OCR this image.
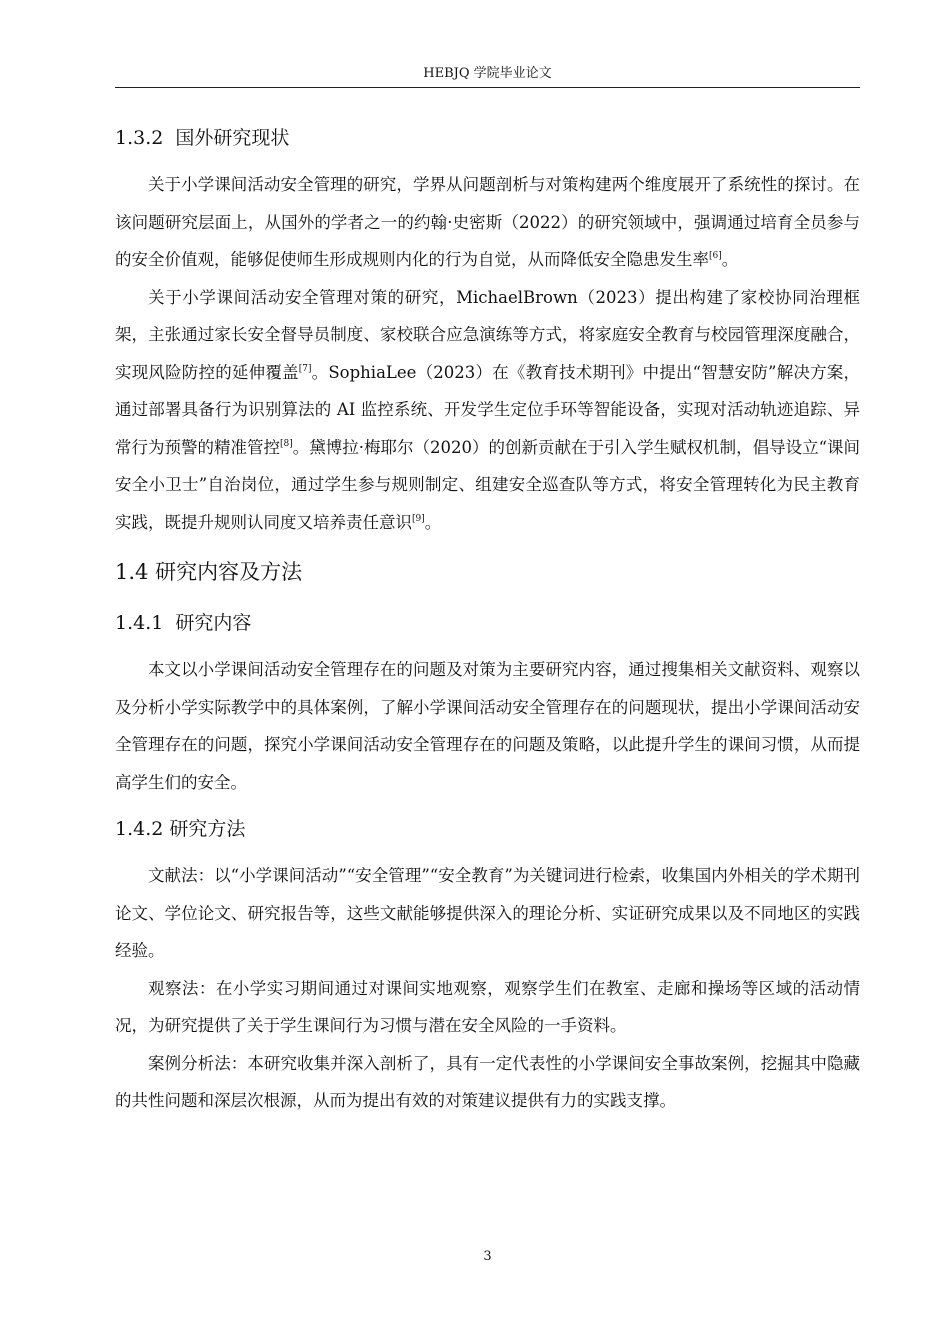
HEBJQ 学院毕业论文
1.3.2 国外研究现状

关于小学课间活动安全管理的研究，学界从问题剖析与对策构建两个维度展开了系统性的探讨。在该问题研究层面上，从国外的学者之一的约翰·史密斯（2022）的研究领域中，强调通过培育全员参与的安全价值观，能够促使师生形成规则内化的行为自觉，从而降低安全隐患发生率[6]。

关于小学课间活动安全管理对策的研究，MichaelBrown（2023）提出构建了家校协同治理框架，主张通过家长安全督导员制度、家校联合应急演练等方式，将家庭安全教育与校园管理深度融合，实现风险防控的延伸覆盖[7]。SophiaLee（2023）在《教育技术期刊》中提出“智慧安防”解决方案，通过部署具备行为识别算法的 AI 监控系统、开发学生定位手环等智能设备，实现对活动轨迹追踪、异常行为预警的精准管控[8]。黛博拉·梅耶尔（2020）的创新贡献在于引入学生赋权机制，倡导设立“课间安全小卫士”自治岗位，通过学生参与规则制定、组建安全巡查队等方式，将安全管理转化为民主教育实践，既提升规则认同度又培养责任意识[9]。

1.4 研究内容及方法
1.4.1 研究内容

本文以小学课间活动安全管理存在的问题及对策为主要研究内容，通过搜集相关文献资料、观察以及分析小学实际教学中的具体案例，了解小学课间活动安全管理存在的问题现状，提出小学课间活动安全管理存在的问题，探究小学课间活动安全管理存在的问题及策略，以此提升学生的课间习惯，从而提高学生们的安全。

1.4.2 研究方法

文献法：以“小学课间活动”“安全管理”“安全教育”为关键词进行检索，收集国内外相关的学术期刊论文、学位论文、研究报告等，这些文献能够提供深入的理论分析、实证研究成果以及不同地区的实践经验。

观察法：在小学实习期间通过对课间实地观察，观察学生们在教室、走廊和操场等区域的活动情况，为研究提供了关于学生课间行为习惯与潜在安全风险的一手资料。

案例分析法：本研究收集并深入剖析了，具有一定代表性的小学课间安全事故案例，挖掘其中隐藏的共性问题和深层次根源，从而为提出有效的对策建议提供有力的实践支撑。

3
